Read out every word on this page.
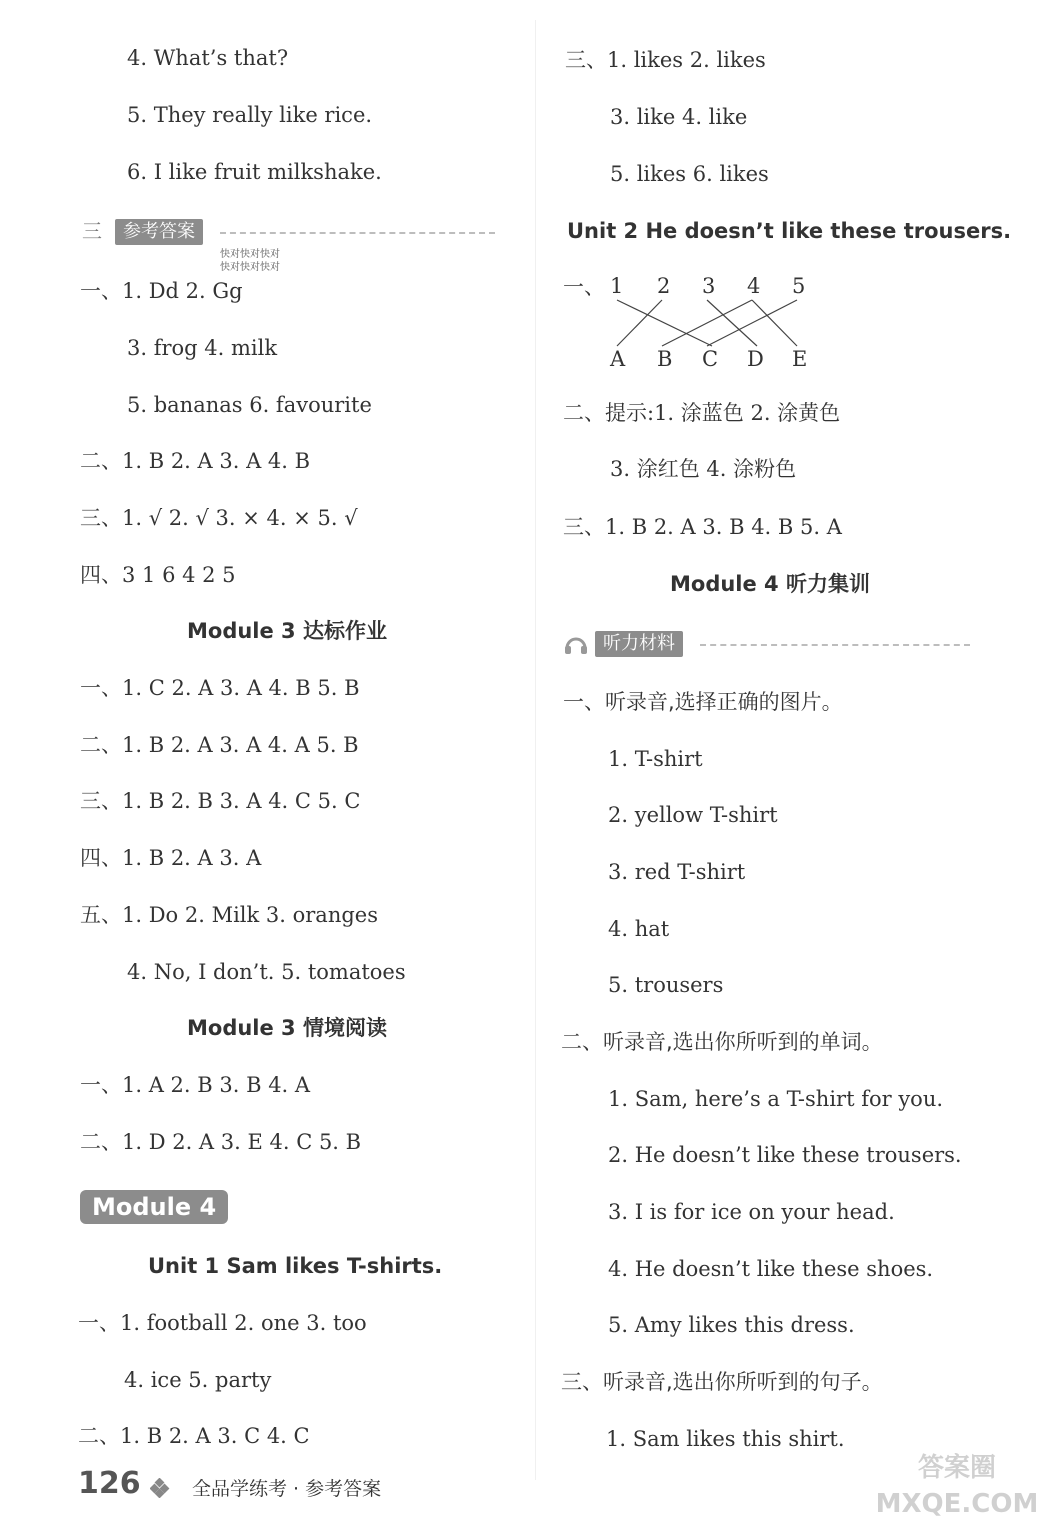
4. What’s that?
5. They really like rice.
6. I like fruit milkshake.
三	参考答案
快对快对快对
快对快对快对
一、1. Dd 2. Gg
3. frog 4. milk
5. bananas 6. favourite
二、1. B 2. A 3. A 4. B
三、1. √ 2. √ 3. × 4. × 5. √
四、3 1 6 4 2 5
Module 3 达标作业
一、1. C 2. A 3. A 4. B 5. B
二、1. B 2. A 3. A 4. A 5. B
三、1. B 2. B 3. A 4. C 5. C
四、1. B 2. A 3. A
五、1. Do 2. Milk 3. oranges
4. No, I don’t. 5. tomatoes
Module 3 情境阅读
一、1. A 2. B 3. B 4. A
二、1. D 2. A 3. E 4. C 5. B
Module 4
Unit 1 Sam likes T-shirts.
一、1. football 2. one 3. too
4. ice 5. party
二、1. B 2. A 3. C 4. C
三、1. likes 2. likes
3. like 4. like
5. likes 6. likes
Unit 2 He doesn’t like these trousers.
一、 1 2 3 4 5
A B C D E
二、提示:1. 涂蓝色 2. 涂黄色
3. 涂红色 4. 涂粉色
三、1. B 2. A 3. B 4. B 5. A
Module 4 听力集训
听力材料
一、听录音,选择正确的图片。
1. T-shirt
2. yellow T-shirt
3. red T-shirt
4. hat
5. trousers
二、听录音,选出你所听到的单词。
1. Sam, here’s a T-shirt for you.
2. He doesn’t like these trousers.
3. I is for ice on your head.
4. He doesn’t like these shoes.
5. Amy likes this dress.
三、听录音,选出你所听到的句子。
1. Sam likes this shirt.
126	全品学练考 · 参考答案
答案圈 MXQE.COM
